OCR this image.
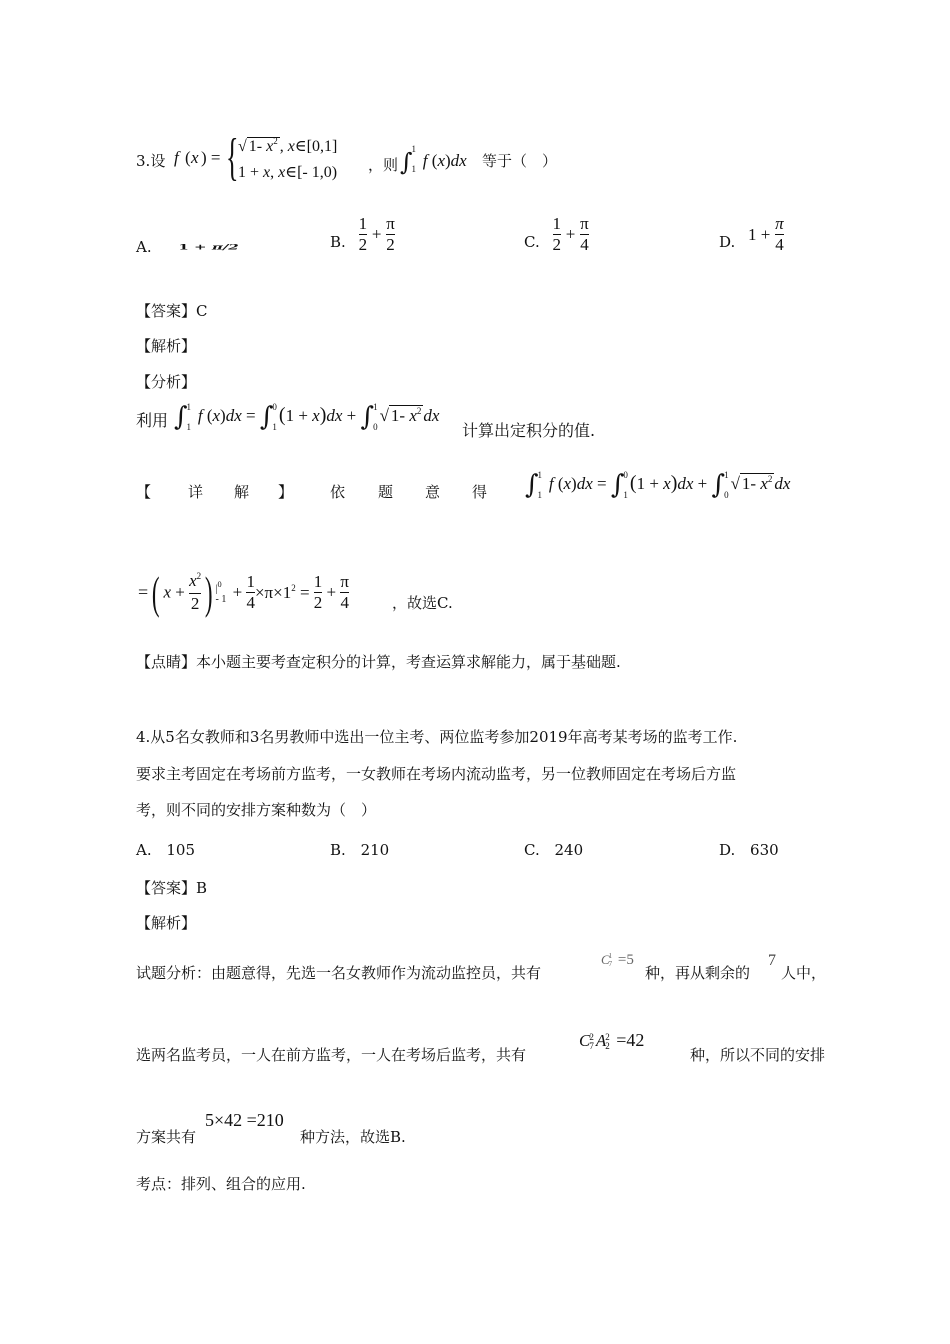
3.设 f ( x ) = { √ 1- $x^2$ , x∈[0,1]
1 + x, x∈[- 1,0) ，则 ∫ 1
1 f (x)dx 等于（　）
A. 1 + π/2	B. $\frac{1}{2} + \frac{\pi}{2}$	C. $\frac{1}{2} + \frac{\pi}{4}$	D. $1 + \frac{\pi}{4}$
【答案】C
【解析】
【分析】
利用 ∫ 1
1
f (x)dx = ∫ 0
1
(1 + x)dx + ∫ 1
0
√ 1- $x^2$ dx
计算出定积分的值.
【 详 解 】 依 题 意 得 ∫ 1
1
f (x)dx = ∫ 0
1
(1 + x)dx + ∫ 1
0
√ 1- $x^2$ dx
=( $x + \frac{x^2}{2}$ ) $|^0$
- $1 + \frac{1}{4} \times\pi\times 1^2 = \frac{1}{2} + \frac{\pi}{4}$	，故选C.
【点睛】本小题主要考查定积分的计算，考查运算求解能力，属于基础题.
4.从5名女教师和3名男教师中选出一位主考、两位监考参加2019年高考某考场的监考工作.
要求主考固定在考场前方监考，一女教师在考场内流动监考，另一位教师固定在考场后方监
考，则不同的安排方案种数为（　）
A. 105	B. 210	C. 240	D. 630
【答案】B
【解析】
试题分析：由题意得，先选一名女教师作为流动监控员，共有
C 1
7 =5
种，再从剩余的
7
人中，
选两名监考员，一人在前方监考，一人在考场后监考，共有
C 2
7 A 2
2 =42
种，所以不同的安排
方案共有
5×42 =210
种方法，故选B.
考点：排列、组合的应用.
